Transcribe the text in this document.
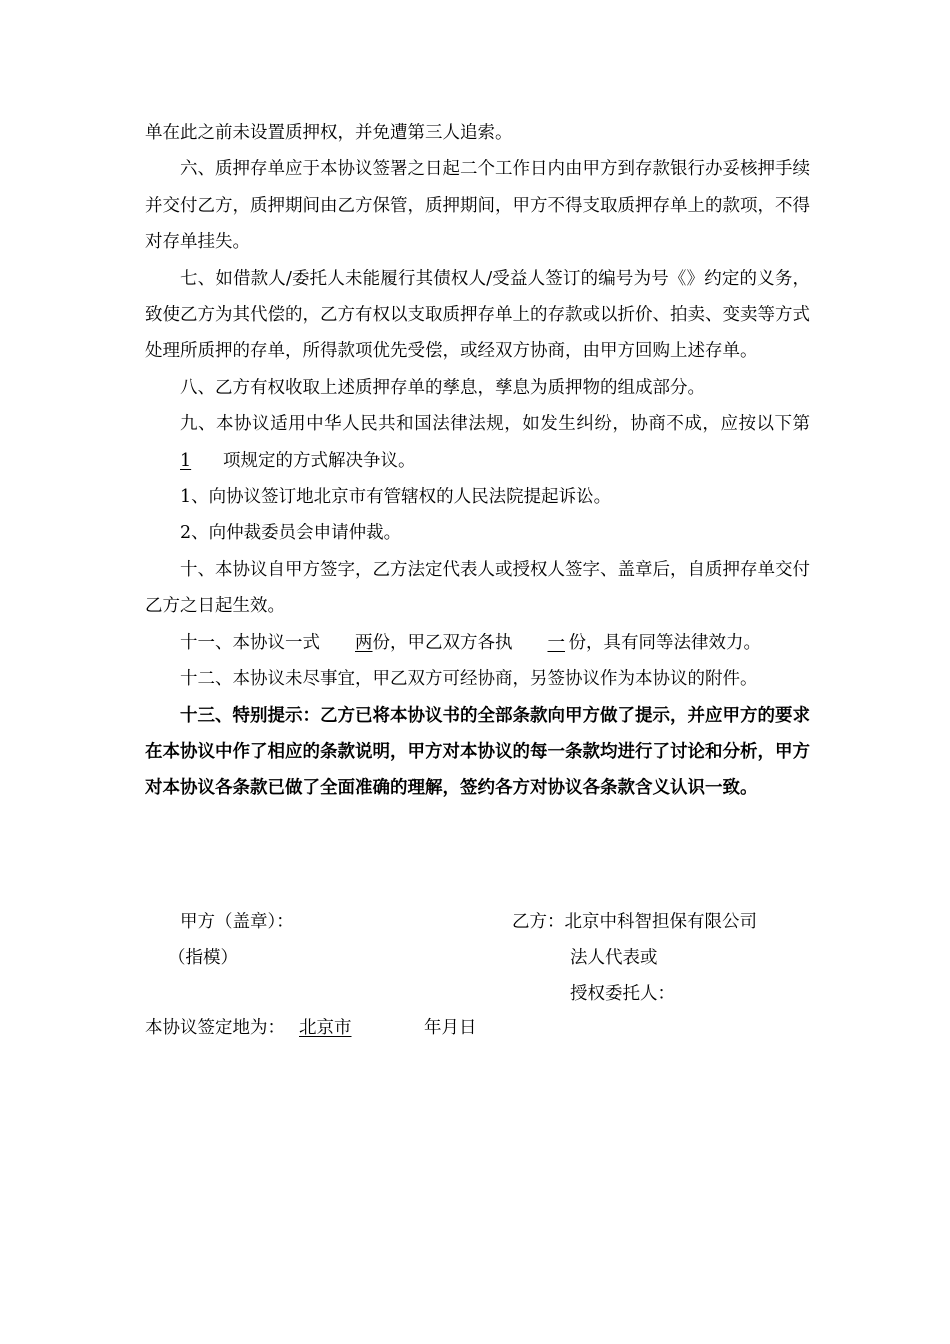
单在此之前未设置质押权，并免遭第三人追索。

六、质押存单应于本协议签署之日起二个工作日内由甲方到存款银行办妥核押手续并交付乙方，质押期间由乙方保管，质押期间，甲方不得支取质押存单上的款项，不得对存单挂失。

七、如借款人/委托人未能履行其债权人/受益人签订的编号为号《》约定的义务，致使乙方为其代偿的，乙方有权以支取质押存单上的存款或以折价、拍卖、变卖等方式处理所质押的存单，所得款项优先受偿，或经双方协商，由甲方回购上述存单。

八、乙方有权收取上述质押存单的孳息，孳息为质押物的组成部分。

九、本协议适用中华人民共和国法律法规，如发生纠纷，协商不成，应按以下第1 项规定的方式解决争议。

1、向协议签订地北京市有管辖权的人民法院提起诉讼。

2、向仲裁委员会申请仲裁。

十、本协议自甲方签字，乙方法定代表人或授权人签字、盖章后，自质押存单交付乙方之日起生效。

十一、本协议一式 两份，甲乙双方各执 一 份，具有同等法律效力。

十二、本协议未尽事宜，甲乙双方可经协商，另签协议作为本协议的附件。

十三、特别提示：乙方已将本协议书的全部条款向甲方做了提示，并应甲方的要求在本协议中作了相应的条款说明，甲方对本协议的每一条款均进行了讨论和分析，甲方对本协议各条款已做了全面准确的理解，签约各方对协议各条款含义认识一致。

甲方（盖章）：
（指模）
乙方：北京中科智担保有限公司
法人代表或
授权委托人：
本协议签定地为： 北京市	年月日
